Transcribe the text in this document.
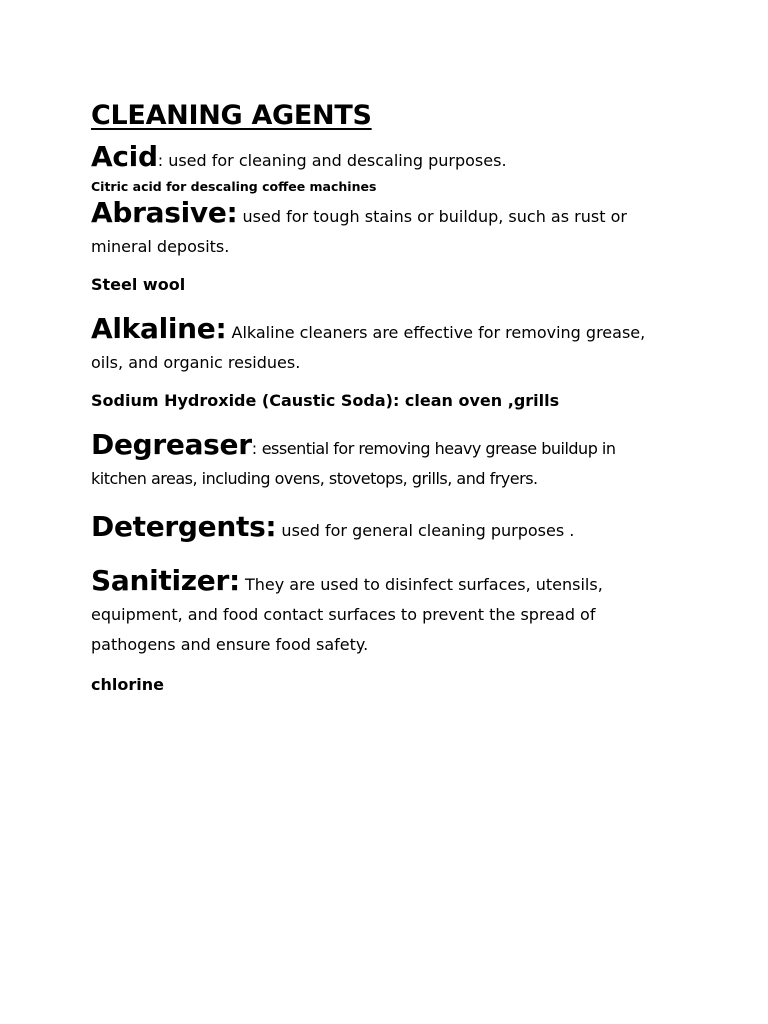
CLEANING AGENTS

Acid: used for cleaning and descaling purposes.

Citric acid for descaling coffee machines

Abrasive: used for tough stains or buildup, such as rust or mineral deposits.

Steel wool

Alkaline: Alkaline cleaners are effective for removing grease, oils, and organic residues.

Sodium Hydroxide (Caustic Soda): clean oven ,grills

Degreaser: essential for removing heavy grease buildup in kitchen areas, including ovens, stovetops, grills, and fryers.

Detergents: used for general cleaning purposes .

Sanitizer: They are used to disinfect surfaces, utensils, equipment, and food contact surfaces to prevent the spread of pathogens and ensure food safety.

chlorine
